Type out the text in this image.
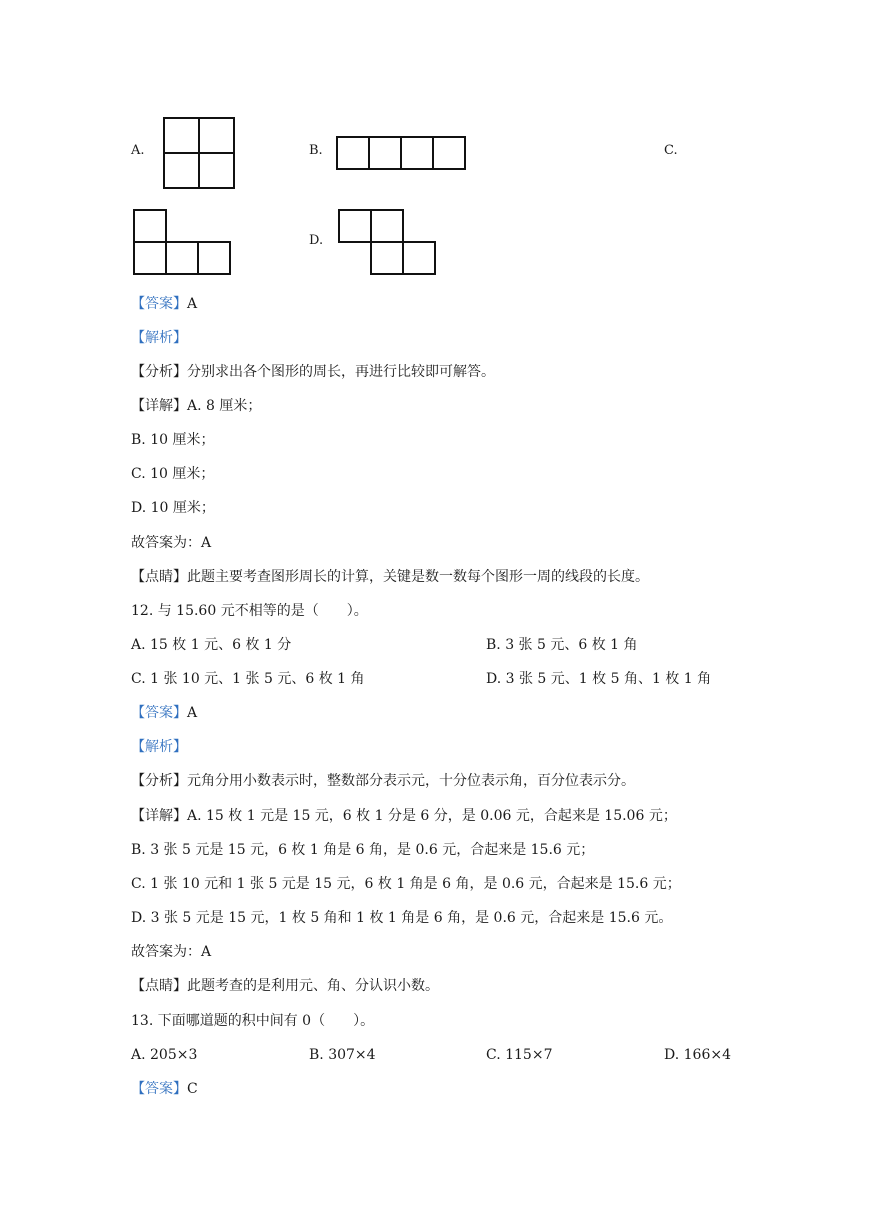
A.	B.	C.
D.
【答案】A
【解析】
【分析】分别求出各个图形的周长，再进行比较即可解答。
【详解】A. 8 厘米；
B. 10 厘米；
C. 10 厘米；
D. 10 厘米；
故答案为：A
【点睛】此题主要考查图形周长的计算，关键是数一数每个图形一周的线段的长度。
12. 与 15.60 元不相等的是（　　）。
A. 15 枚 1 元、6 枚 1 分	B. 3 张 5 元、6 枚 1 角
C. 1 张 10 元、1 张 5 元、6 枚 1 角	D. 3 张 5 元、1 枚 5 角、1 枚 1 角
【答案】A
【解析】
【分析】元角分用小数表示时，整数部分表示元，十分位表示角，百分位表示分。
【详解】A. 15 枚 1 元是 15 元，6 枚 1 分是 6 分，是 0.06 元，合起来是 15.06 元；
B. 3 张 5 元是 15 元，6 枚 1 角是 6 角，是 0.6 元，合起来是 15.6 元；
C. 1 张 10 元和 1 张 5 元是 15 元，6 枚 1 角是 6 角，是 0.6 元，合起来是 15.6 元；
D. 3 张 5 元是 15 元，1 枚 5 角和 1 枚 1 角是 6 角，是 0.6 元，合起来是 15.6 元。
故答案为：A
【点睛】此题考查的是利用元、角、分认识小数。
13. 下面哪道题的积中间有 0（　　）。
A. 205×3	B. 307×4	C. 115×7	D. 166×4
【答案】C
